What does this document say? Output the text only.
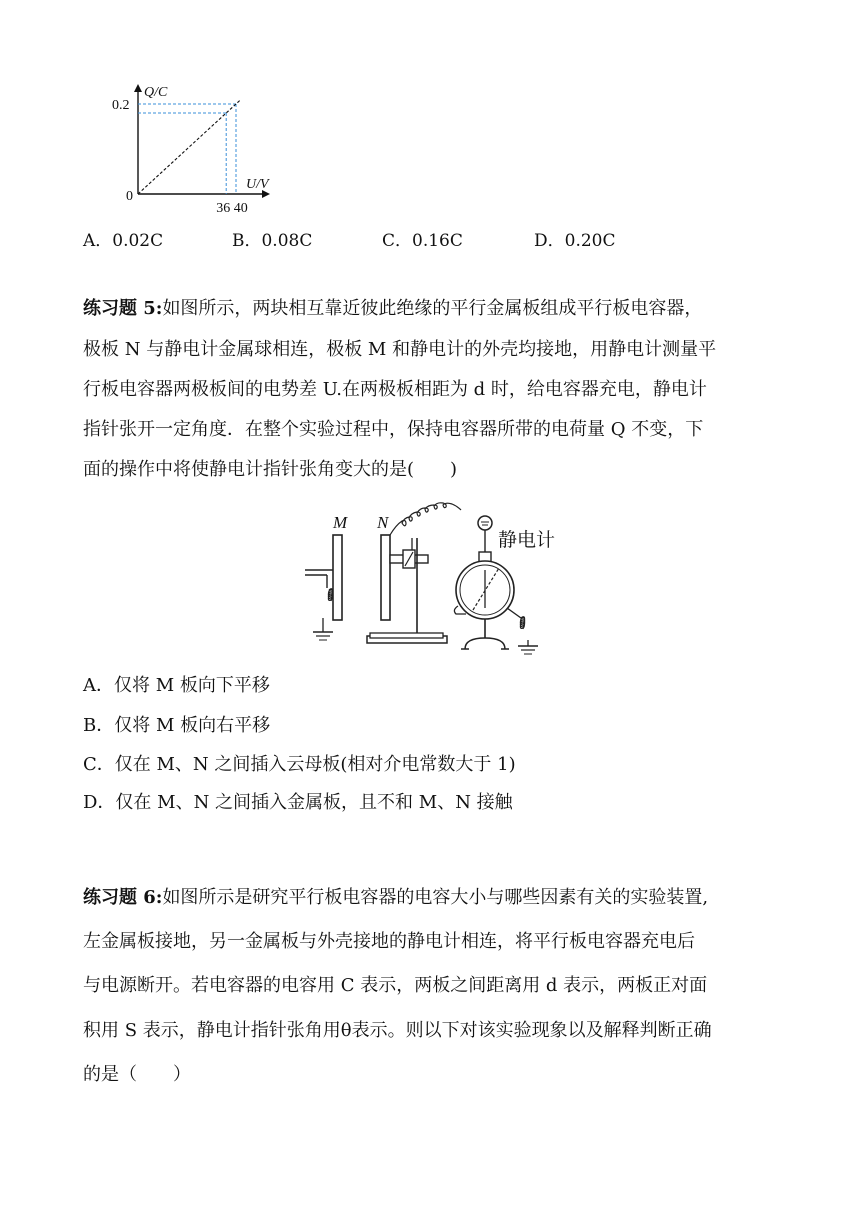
Q/C
U/V
0
0.2
36 40
A．0.02C	B．0.08C	C．0.16C	D．0.20C
练习题 5:如图所示，两块相互靠近彼此绝缘的平行金属板组成平行板电容器，
极板 N 与静电计金属球相连，极板 M 和静电计的外壳均接地，用静电计测量平
行板电容器两极板间的电势差 U.在两极板相距为 d 时，给电容器充电，静电计
指针张开一定角度．在整个实验过程中，保持电容器所带的电荷量 Q 不变，下
面的操作中将使静电计指针张角变大的是(　　)
M N
静电计
A．仅将 M 板向下平移
B．仅将 M 板向右平移
C．仅在 M、N 之间插入云母板(相对介电常数大于 1)
D．仅在 M、N 之间插入金属板，且不和 M、N 接触
练习题 6:如图所示是研究平行板电容器的电容大小与哪些因素有关的实验装置,
左金属板接地，另一金属板与外壳接地的静电计相连，将平行板电容器充电后
与电源断开。若电容器的电容用 C 表示，两板之间距离用 d 表示，两板正对面
积用 S 表示，静电计指针张角用θ表示。则以下对该实验现象以及解释判断正确
的是（　　）
